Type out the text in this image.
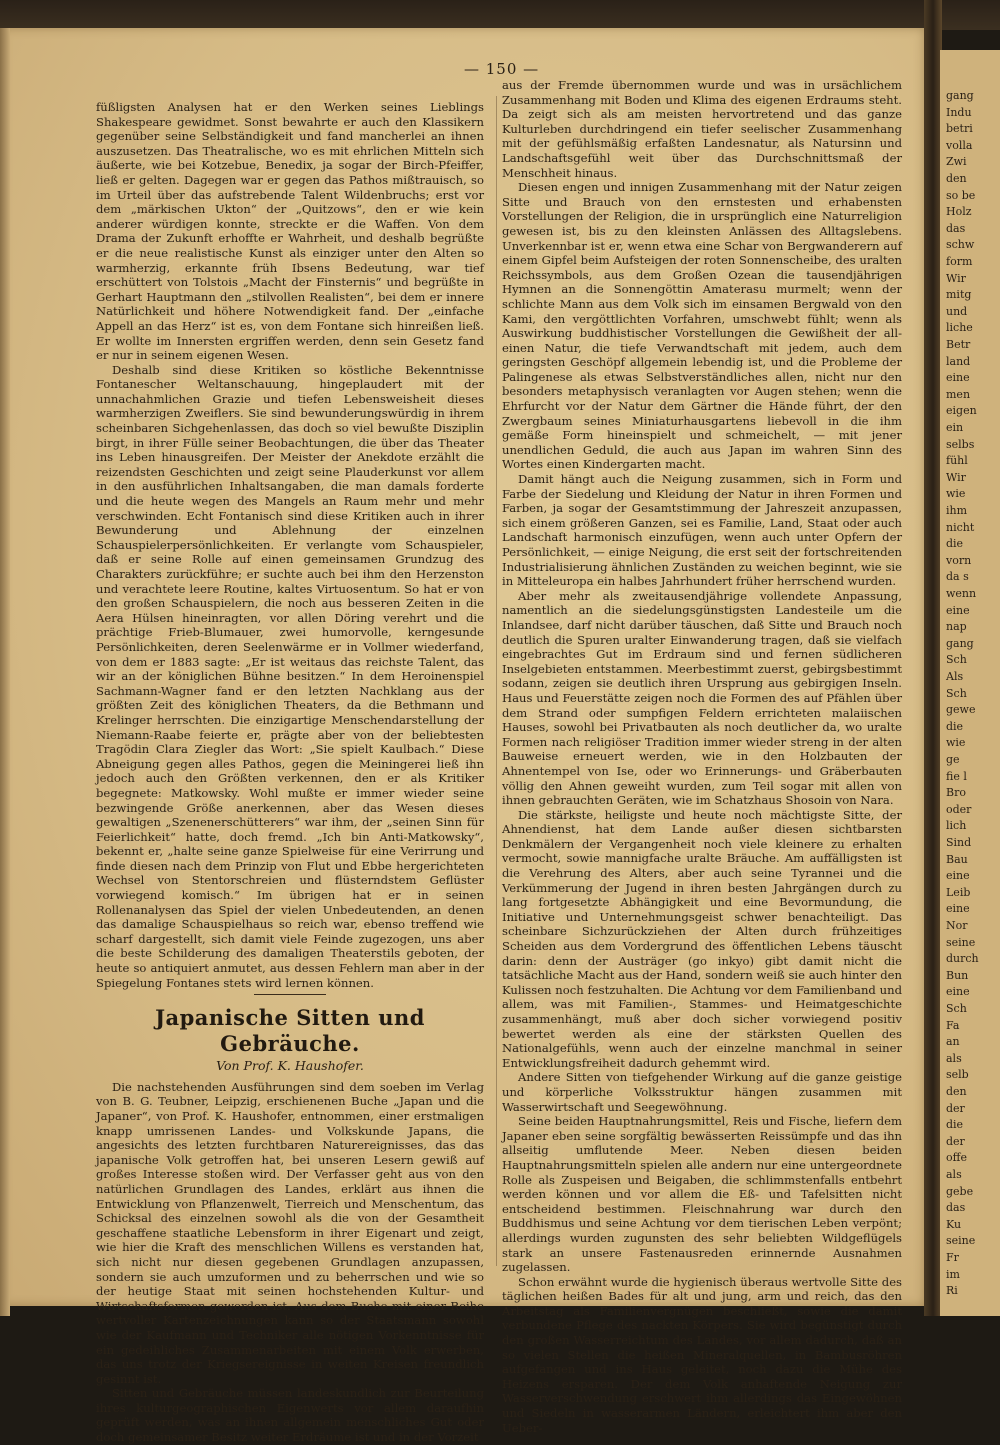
— 150 —

füßligsten Analysen hat er den Werken seines Lieblings Shakespeare gewidmet. Sonst bewahrte er auch den Klassikern gegenüber seine Selbständigkeit und fand mancherlei an ihnen auszusetzen. Das Theatralische, wo es mit ehrlichen Mitteln sich äußerte, wie bei Kotzebue, Benedix, ja sogar der Birch-Pfeiffer, ließ er gelten. Dagegen war er gegen das Pathos mißtrauisch, so im Urteil über das aufstrebende Talent Wildenbruchs; erst vor dem „märkischen Ukton“ der „Quitzows“, den er wie kein anderer würdigen konnte, streckte er die Waffen. Von dem Drama der Zukunft erhoffte er Wahrheit, und deshalb begrüßte er die neue realistische Kunst als einziger unter den Alten so warmherzig, erkannte früh Ibsens Bedeutung, war tief erschüttert von Tolstois „Macht der Finsternis“ und begrüßte in Gerhart Hauptmann den „stilvollen Realisten“, bei dem er innere Natürlichkeit und höhere Notwendigkeit fand. Der „einfache Appell an das Herz“ ist es, von dem Fontane sich hinreißen ließ. Er wollte im Innersten ergriffen werden, denn sein Gesetz fand er nur in seinem eigenen Wesen.

Deshalb sind diese Kritiken so köstliche Bekenntnisse Fontanescher Weltanschauung, hingeplaudert mit der unnachahmlichen Grazie und tiefen Lebensweisheit dieses warmherzigen Zweiflers. Sie sind bewunderungswürdig in ihrem scheinbaren Sichgehenlassen, das doch so viel bewußte Disziplin birgt, in ihrer Fülle seiner Beobachtungen, die über das Theater ins Leben hinausgreifen. Der Meister der Anekdote erzählt die reizendsten Geschichten und zeigt seine Plauderkunst vor allem in den ausführlichen Inhaltsangaben, die man damals forderte und die heute wegen des Mangels an Raum mehr und mehr verschwinden. Echt Fontanisch sind diese Kritiken auch in ihrer Bewunderung und Ablehnung der einzelnen Schauspielerpersönlichkeiten. Er verlangte vom Schauspieler, daß er seine Rolle auf einen gemeinsamen Grundzug des Charakters zurückführe; er suchte auch bei ihm den Herzenston und verachtete leere Routine, kaltes Virtuosentum. So hat er von den großen Schauspielern, die noch aus besseren Zeiten in die Aera Hülsen hineinragten, vor allen Döring verehrt und die prächtige Frieb-Blumauer, zwei humorvolle, kerngesunde Persönlichkeiten, deren Seelenwärme er in Vollmer wiederfand, von dem er 1883 sagte: „Er ist weitaus das reichste Talent, das wir an der königlichen Bühne besitzen.“ In dem Heroinenspiel Sachmann-Wagner fand er den letzten Nachklang aus der größten Zeit des königlichen Theaters, da die Bethmann und Krelinger herrschten. Die einzigartige Menschendarstellung der Niemann-Raabe feierte er, prägte aber von der beliebtesten Tragödin Clara Ziegler das Wort: „Sie spielt Kaulbach.“ Diese Abneigung gegen alles Pathos, gegen die Meiningerei ließ ihn jedoch auch den Größten verkennen, den er als Kritiker begegnete: Matkowsky. Wohl mußte er immer wieder seine bezwingende Größe anerkennen, aber das Wesen dieses gewaltigen „Szenenerschütterers“ war ihm, der „seinen Sinn für Feierlichkeit“ hatte, doch fremd. „Ich bin Anti-Matkowsky“, bekennt er, „halte seine ganze Spielweise für eine Verirrung und finde diesen nach dem Prinzip von Flut und Ebbe hergerichteten Wechsel von Stentorschreien und flüsterndstem Geflüster vorwiegend komisch.“ Im übrigen hat er in seinen Rollenanalysen das Spiel der vielen Unbedeutenden, an denen das damalige Schauspielhaus so reich war, ebenso treffend wie scharf dargestellt, sich damit viele Feinde zugezogen, uns aber die beste Schilderung des damaligen Theaterstils geboten, der heute so antiquiert anmutet, aus dessen Fehlern man aber in der Spiegelung Fontanes stets wird lernen können.

Japanische Sitten und Gebräuche.
Von Prof. K. Haushofer.

Die nachstehenden Ausführungen sind dem soeben im Verlag von B. G. Teubner, Leipzig, erschienenen Buche „Japan und die Japaner“, von Prof. K. Haushofer, entnommen, einer erstmaligen knapp umrissenen Landes- und Volkskunde Japans, die angesichts des letzten furchtbaren Naturereignisses, das das japanische Volk getroffen hat, bei unseren Lesern gewiß auf großes Interesse stoßen wird. Der Verfasser geht aus von den natürlichen Grundlagen des Landes, erklärt aus ihnen die Entwicklung von Pflanzenwelt, Tierreich und Menschentum, das Schicksal des einzelnen sowohl als die von der Gesamtheit geschaffene staatliche Lebensform in ihrer Eigenart und zeigt, wie hier die Kraft des menschlichen Willens es verstanden hat, sich nicht nur diesen gegebenen Grundlagen anzupassen, sondern sie auch umzuformen und zu beherrschen und wie so der heutige Staat mit seinen hochstehenden Kultur- und Wirtschaftsformen geworden ist. Aus dem Buche mit einer Reihe wertvoller Kartenzeichnungen kann so der Staatsmann sowohl wie der Kaufmann und Techniker alle nötigen Vorkenntnisse für ein gedeihliches Zusammenarbeiten mit einem Volk erwerben, das uns trotz der Kriegsereignisse in weiten Kreisen freundlich gesinnt ist.

Sitten und Gebräuche müssen landeskundlich zur Beurteilung ihres kulturgeographischen Eigenwerts vor allem daraufhin geprüft werden, was an ihnen allgemein menschliches Gut oder doch gemeinsamer Besitz weiter Erdräume ist und in der Vorzeit

aus der Fremde übernommen wurde und was in ursächlichem Zusammenhang mit Boden und Klima des eigenen Erdraums steht. Da zeigt sich als am meisten hervortretend und das ganze Kulturleben durchdringend ein tiefer seelischer Zusammenhang mit der gefühlsmäßig erfaßten Landesnatur, als Natursinn und Landschaftsgefühl weit über das Durchschnittsmaß der Menschheit hinaus.

Diesen engen und innigen Zusammenhang mit der Natur zeigen Sitte und Brauch von den ernstesten und erhabensten Vorstellungen der Religion, die in ursprünglich eine Naturreligion gewesen ist, bis zu den kleinsten Anlässen des Alltagslebens. Unverkennbar ist er, wenn etwa eine Schar von Bergwanderern auf einem Gipfel beim Aufsteigen der roten Sonnenscheibe, des uralten Reichssymbols, aus dem Großen Ozean die tausendjährigen Hymnen an die Sonnengöttin Amaterasu murmelt; wenn der schlichte Mann aus dem Volk sich im einsamen Bergwald von den Kami, den vergöttlichten Vorfahren, umschwebt fühlt; wenn als Auswirkung buddhistischer Vorstellungen die Gewißheit der all-einen Natur, die tiefe Verwandtschaft mit jedem, auch dem geringsten Geschöpf allgemein lebendig ist, und die Probleme der Palingenese als etwas Selbstverständliches allen, nicht nur den besonders metaphysisch veranlagten vor Augen stehen; wenn die Ehrfurcht vor der Natur dem Gärtner die Hände führt, der den Zwergbaum seines Miniaturhausgartens liebevoll in die ihm gemäße Form hineinspielt und schmeichelt, — mit jener unendlichen Geduld, die auch aus Japan im wahren Sinn des Wortes einen Kindergarten macht.

Damit hängt auch die Neigung zusammen, sich in Form und Farbe der Siedelung und Kleidung der Natur in ihren Formen und Farben, ja sogar der Gesamtstimmung der Jahreszeit anzupassen, sich einem größeren Ganzen, sei es Familie, Land, Staat oder auch Landschaft harmonisch einzufügen, wenn auch unter Opfern der Persönlichkeit, — einige Neigung, die erst seit der fortschreitenden Industrialisierung ähnlichen Zuständen zu weichen beginnt, wie sie in Mitteleuropa ein halbes Jahrhundert früher herrschend wurden.

Aber mehr als zweitausendjährige vollendete Anpassung, namentlich an die siedelungsgünstigsten Landesteile um die Inlandsee, darf nicht darüber täuschen, daß Sitte und Brauch noch deutlich die Spuren uralter Einwanderung tragen, daß sie vielfach eingebrachtes Gut im Erdraum sind und fernen südlicheren Inselgebieten entstammen. Meerbestimmt zuerst, gebirgsbestimmt sodann, zeigen sie deutlich ihren Ursprung aus gebirgigen Inseln. Haus und Feuerstätte zeigen noch die Formen des auf Pfählen über dem Strand oder sumpfigen Feldern errichteten malaiischen Hauses, sowohl bei Privatbauten als noch deutlicher da, wo uralte Formen nach religiöser Tradition immer wieder streng in der alten Bauweise erneuert werden, wie in den Holzbauten der Ahnentempel von Ise, oder wo Erinnerungs- und Gräberbauten völlig den Ahnen geweiht wurden, zum Teil sogar mit allen von ihnen gebrauchten Geräten, wie im Schatzhaus Shosoin von Nara.

Die stärkste, heiligste und heute noch mächtigste Sitte, der Ahnendienst, hat dem Lande außer diesen sichtbarsten Denkmälern der Vergangenheit noch viele kleinere zu erhalten vermocht, sowie mannigfache uralte Bräuche. Am auffälligsten ist die Verehrung des Alters, aber auch seine Tyrannei und die Verkümmerung der Jugend in ihren besten Jahrgängen durch zu lang fortgesetzte Abhängigkeit und eine Bevormundung, die Initiative und Unternehmungsgeist schwer benachteiligt. Das scheinbare Sichzurückziehen der Alten durch frühzeitiges Scheiden aus dem Vordergrund des öffentlichen Lebens täuscht darin: denn der Austräger (go inkyo) gibt damit nicht die tatsächliche Macht aus der Hand, sondern weiß sie auch hinter den Kulissen noch festzuhalten. Die Achtung vor dem Familienband und allem, was mit Familien-, Stammes- und Heimatgeschichte zusammenhängt, muß aber doch sicher vorwiegend positiv bewertet werden als eine der stärksten Quellen des Nationalgefühls, wenn auch der einzelne manchmal in seiner Entwicklungsfreiheit dadurch gehemmt wird.

Andere Sitten von tiefgehender Wirkung auf die ganze geistige und körperliche Volksstruktur hängen zusammen mit Wasserwirtschaft und Seegewöhnung.

Seine beiden Hauptnahrungsmittel, Reis und Fische, liefern dem Japaner eben seine sorgfältig bewässerten Reissümpfe und das ihn allseitig umflutende Meer. Neben diesen beiden Hauptnahrungsmitteln spielen alle andern nur eine untergeordnete Rolle als Zuspeisen und Beigaben, die schlimmstenfalls entbehrt werden können und vor allem die Eß- und Tafelsitten nicht entscheidend bestimmen. Fleischnahrung war durch den Buddhismus und seine Achtung vor dem tierischen Leben verpönt; allerdings wurden zugunsten des sehr beliebten Wildgeflügels stark an unsere Fastenausreden erinnernde Ausnahmen zugelassen.

Schon erwähnt wurde die hygienisch überaus wertvolle Sitte des täglichen heißen Bades für alt und jung, arm und reich, das den Arbeitstag als Familienvergnügen beschließt, sowie die damit verbundene Pflege des nackten Körpers. Sie wird begünstigt durch den großen Wasserreichtum des Landes, vor allem dadurch, daß an so vielen Stellen die heißen Mineralquellen, in Bambusröhren aufgefangen und ins Haus geleitet, noch dazu die Mühe des Heizens ersparen. Der dem Volk anhaftende Neigung zur Wasserverschwendung erschwert ihm allerdings das Eingewöhnen und Siedeln in wasserarmen Ländern, erleichtert ihm aber den Ueber-

gang
Indu
betri
volla
Zwi
den
so be
Holz
das
schw
form
Wir
mitg
und
liche
Betr
land
eine
men
eigen
ein
selbs
fühl
Wir
wie
ihm
nicht
die
vorn
da s
wenn
eine
nap
gang
Sch
Als
Sch
gewe
die
wie
ge
fie l
Bro
oder
lich
Sind
Bau
eine
Leib
eine
Nor
seine
durch
Bun
eine
Sch
Fa
an
als
selb
den
der
die
der
offe
als
gebe
das
Ku
seine
Fr
im
Ri
